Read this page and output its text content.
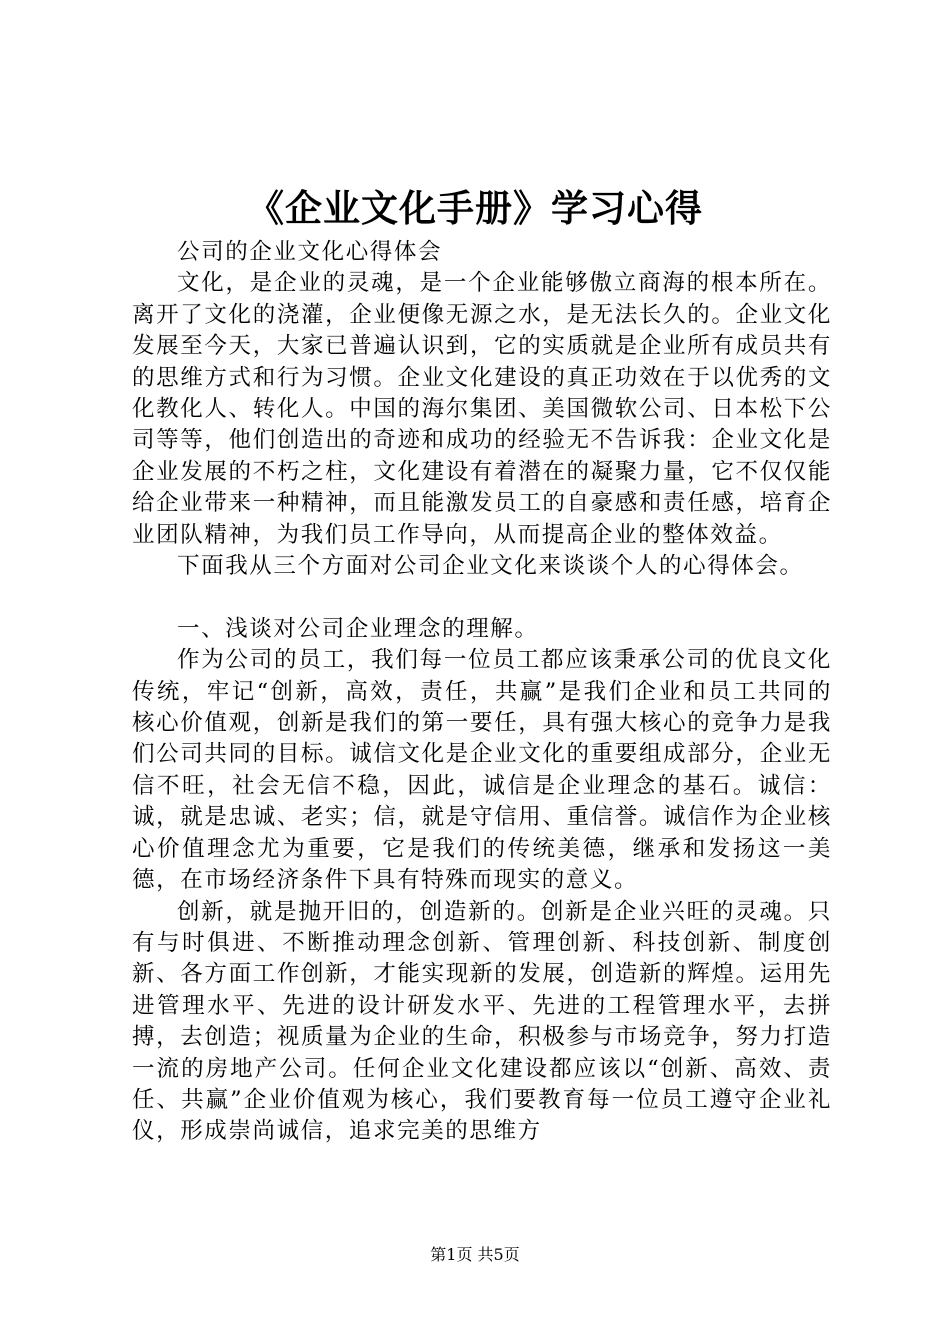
《企业文化手册》学习心得

公司的企业文化心得体会

文化，是企业的灵魂，是一个企业能够傲立商海的根本所在。离开了文化的浇灌，企业便像无源之水，是无法长久的。企业文化发展至今天，大家已普遍认识到，它的实质就是企业所有成员共有的思维方式和行为习惯。企业文化建设的真正功效在于以优秀的文化教化人、转化人。中国的海尔集团、美国微软公司、日本松下公司等等，他们创造出的奇迹和成功的经验无不告诉我：企业文化是企业发展的不朽之柱，文化建设有着潜在的凝聚力量，它不仅仅能给企业带来一种精神，而且能激发员工的自豪感和责任感，培育企业团队精神，为我们员工作导向，从而提高企业的整体效益。

下面我从三个方面对公司企业文化来谈谈个人的心得体会。

一、浅谈对公司企业理念的理解。

作为公司的员工，我们每一位员工都应该秉承公司的优良文化传统，牢记“创新，高效，责任，共赢”是我们企业和员工共同的核心价值观，创新是我们的第一要任，具有强大核心的竞争力是我们公司共同的目标。诚信文化是企业文化的重要组成部分，企业无信不旺，社会无信不稳，因此，诚信是企业理念的基石。诚信：诚，就是忠诚、老实；信，就是守信用、重信誉。诚信作为企业核心价值理念尤为重要，它是我们的传统美德，继承和发扬这一美德，在市场经济条件下具有特殊而现实的意义。

创新，就是抛开旧的，创造新的。创新是企业兴旺的灵魂。只有与时俱进、不断推动理念创新、管理创新、科技创新、制度创新、各方面工作创新，才能实现新的发展，创造新的辉煌。运用先进管理水平、先进的设计研发水平、先进的工程管理水平，去拼搏，去创造；视质量为企业的生命，积极参与市场竞争，努力打造一流的房地产公司。任何企业文化建设都应该以“创新、高效、责任、共赢”企业价值观为核心，我们要教育每一位员工遵守企业礼仪，形成崇尚诚信，追求完美的思维方

第1页 共5页
